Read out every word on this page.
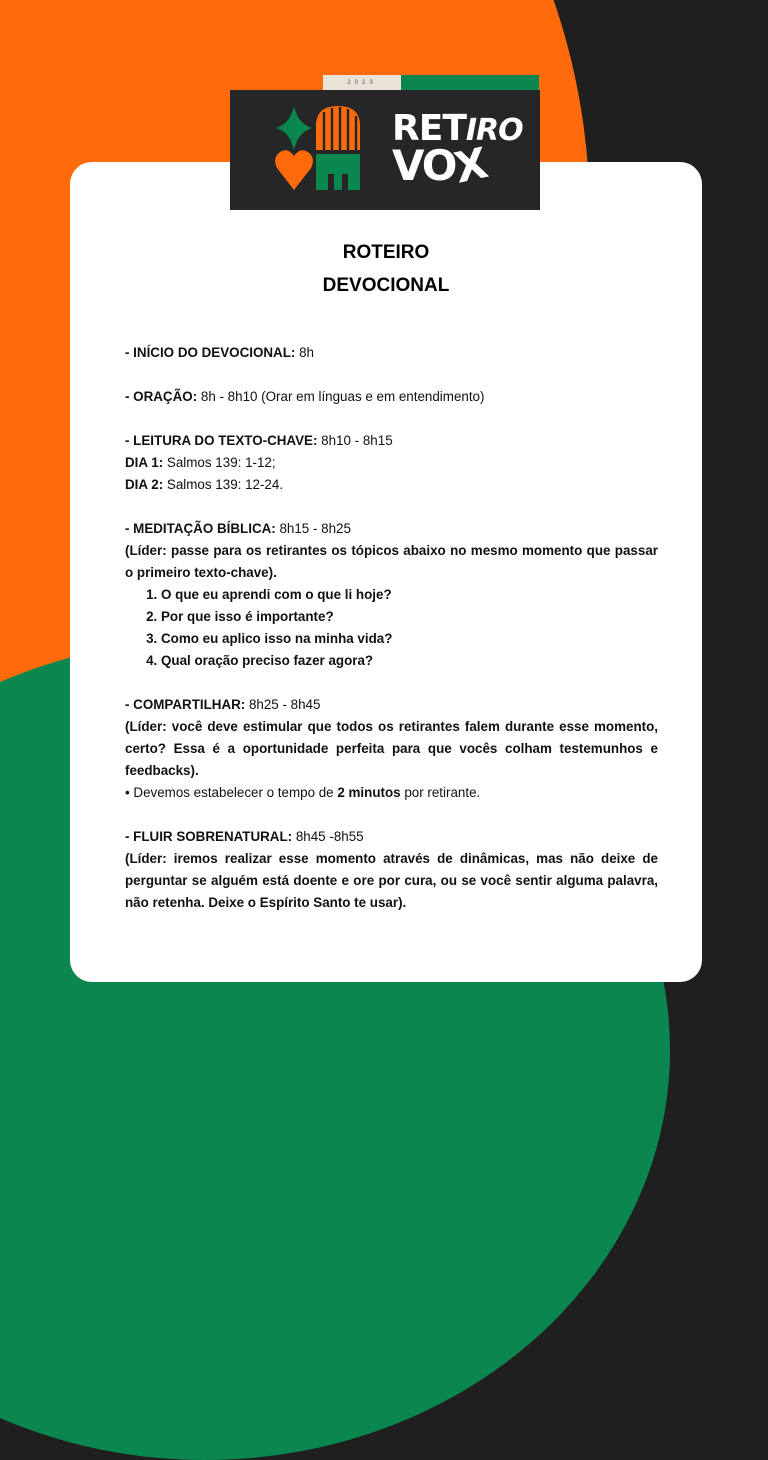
2023
RETIRO
VOX
ROTEIRO
DEVOCIONAL

- INÍCIO DO DEVOCIONAL: 8h

- ORAÇÃO: 8h - 8h10 (Orar em línguas e em entendimento)

- LEITURA DO TEXTO-CHAVE: 8h10 - 8h15

DIA 1: Salmos 139: 1-12;

DIA 2: Salmos 139: 12-24.

- MEDITAÇÃO BÍBLICA: 8h15 - 8h25

(Líder: passe para os retirantes os tópicos abaixo no mesmo momento que passar o primeiro texto-chave).

1. O que eu aprendi com o que li hoje?
2. Por que isso é importante?
3. Como eu aplico isso na minha vida?
4. Qual oração preciso fazer agora?

- COMPARTILHAR: 8h25 - 8h45

(Líder: você deve estimular que todos os retirantes falem durante esse momento, certo? Essa é a oportunidade perfeita para que vocês colham testemunhos e feedbacks).

• Devemos estabelecer o tempo de 2 minutos por retirante.

- FLUIR SOBRENATURAL: 8h45 -8h55

(Líder: iremos realizar esse momento através de dinâmicas, mas não deixe de perguntar se alguém está doente e ore por cura, ou se você sentir alguma palavra, não retenha. Deixe o Espírito Santo te usar).
